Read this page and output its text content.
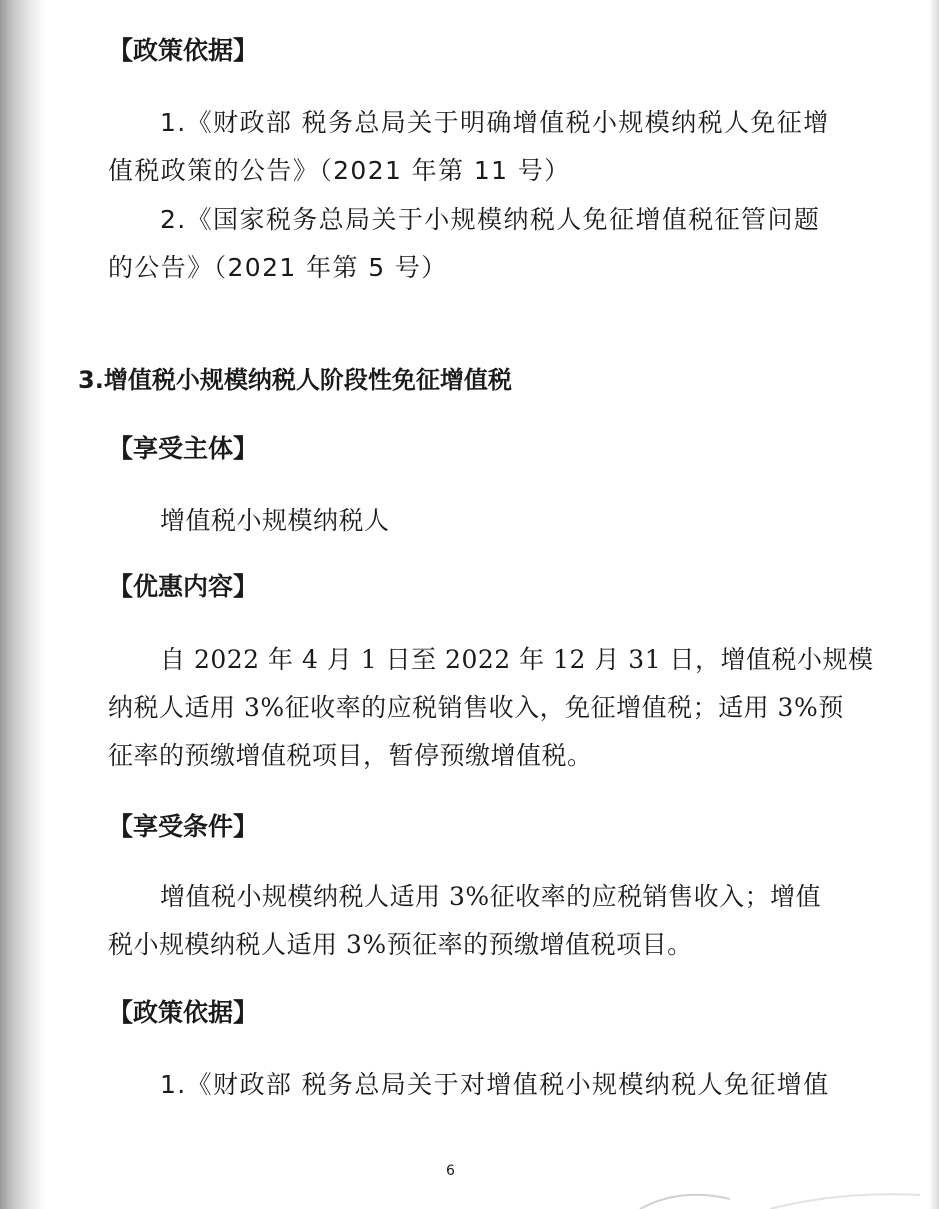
【政策依据】
1.《财政部 税务总局关于明确增值税小规模纳税人免征增
值税政策的公告》（2021 年第 11 号）
2.《国家税务总局关于小规模纳税人免征增值税征管问题
的公告》（2021 年第 5 号）
3.增值税小规模纳税人阶段性免征增值税
【享受主体】
增值税小规模纳税人
【优惠内容】
自 2022 年 4 月 1 日至 2022 年 12 月 31 日，增值税小规模
纳税人适用 3%征收率的应税销售收入，免征增值税；适用 3%预
征率的预缴增值税项目，暂停预缴增值税。
【享受条件】
增值税小规模纳税人适用 3%征收率的应税销售收入；增值
税小规模纳税人适用 3%预征率的预缴增值税项目。
【政策依据】
1.《财政部 税务总局关于对增值税小规模纳税人免征增值
6
